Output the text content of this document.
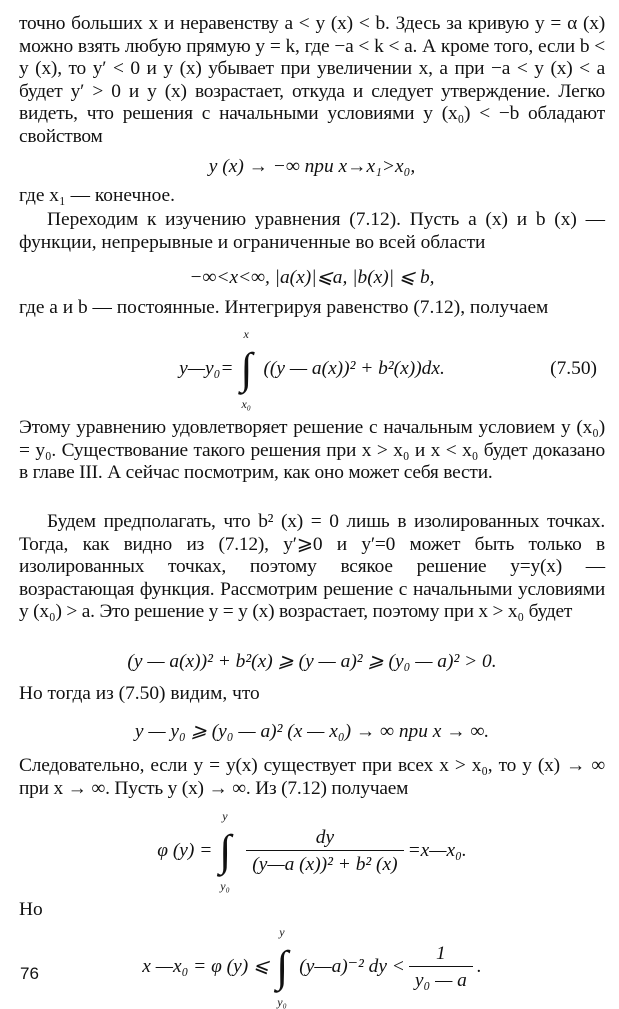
точно больших x и неравенству a < y (x) < b. Здесь за кривую y = α (x) можно взять любую прямую y = k, где −a < k < a. А кроме того, если b < y (x), то y′ < 0 и y (x) убывает при увеличении x, а при −a < y (x) < a будет y′ > 0 и y (x) возрастает, откуда и следует утверждение. Легко видеть, что решения с начальными условиями y (x₀) < −b обладают свойством

y (x) → −∞ при x→x₁>x₀,

где x₁ — конечное.

Переходим к изучению уравнения (7.12). Пусть a (x) и b (x) — функции, непрерывные и ограниченные во всей области

−∞<x<∞, |a(x)|⩽a, |b(x)| ⩽ b,

где a и b — постоянные. Интегрируя равенство (7.12), получаем

y—y₀=
x
∫
x₀
((y — a(x))² + b²(x))dx.	(7.50)

Этому уравнению удовлетворяет решение с начальным условием y (x₀) = y₀. Существование такого решения при x > x₀ и x < x₀ будет доказано в главе III. А сейчас посмотрим, как оно может себя вести.

Будем предполагать, что b² (x) = 0 лишь в изолированных точках. Тогда, как видно из (7.12), y′⩾0 и y′=0 может быть только в изолированных точках, поэтому всякое решение y=y(x) — возрастающая функция. Рассмотрим решение с начальными условиями y (x₀) > a. Это решение y = y (x) возрастает, поэтому при x > x₀ будет

(y — a(x))² + b²(x) ⩾ (y — a)² ⩾ (y₀ — a)² > 0.

Но тогда из (7.50) видим, что

y — y₀ ⩾ (y₀ — a)² (x — x₀) → ∞ при x → ∞.

Следовательно, если y = y(x) существует при всех x > x₀, то y (x) → ∞ при x → ∞. Пусть y (x) → ∞. Из (7.12) получаем

φ (y) =
y
∫
y₀
$\frac{dy}{\text{(y—a (x))² + b² (x)}}$ =x—x₀.

Но

x —x₀ = φ (y) ⩽
y
∫
y₀
(y—a)⁻² dy < $\frac{1}{\text{y₀ — a}}$ .
76
